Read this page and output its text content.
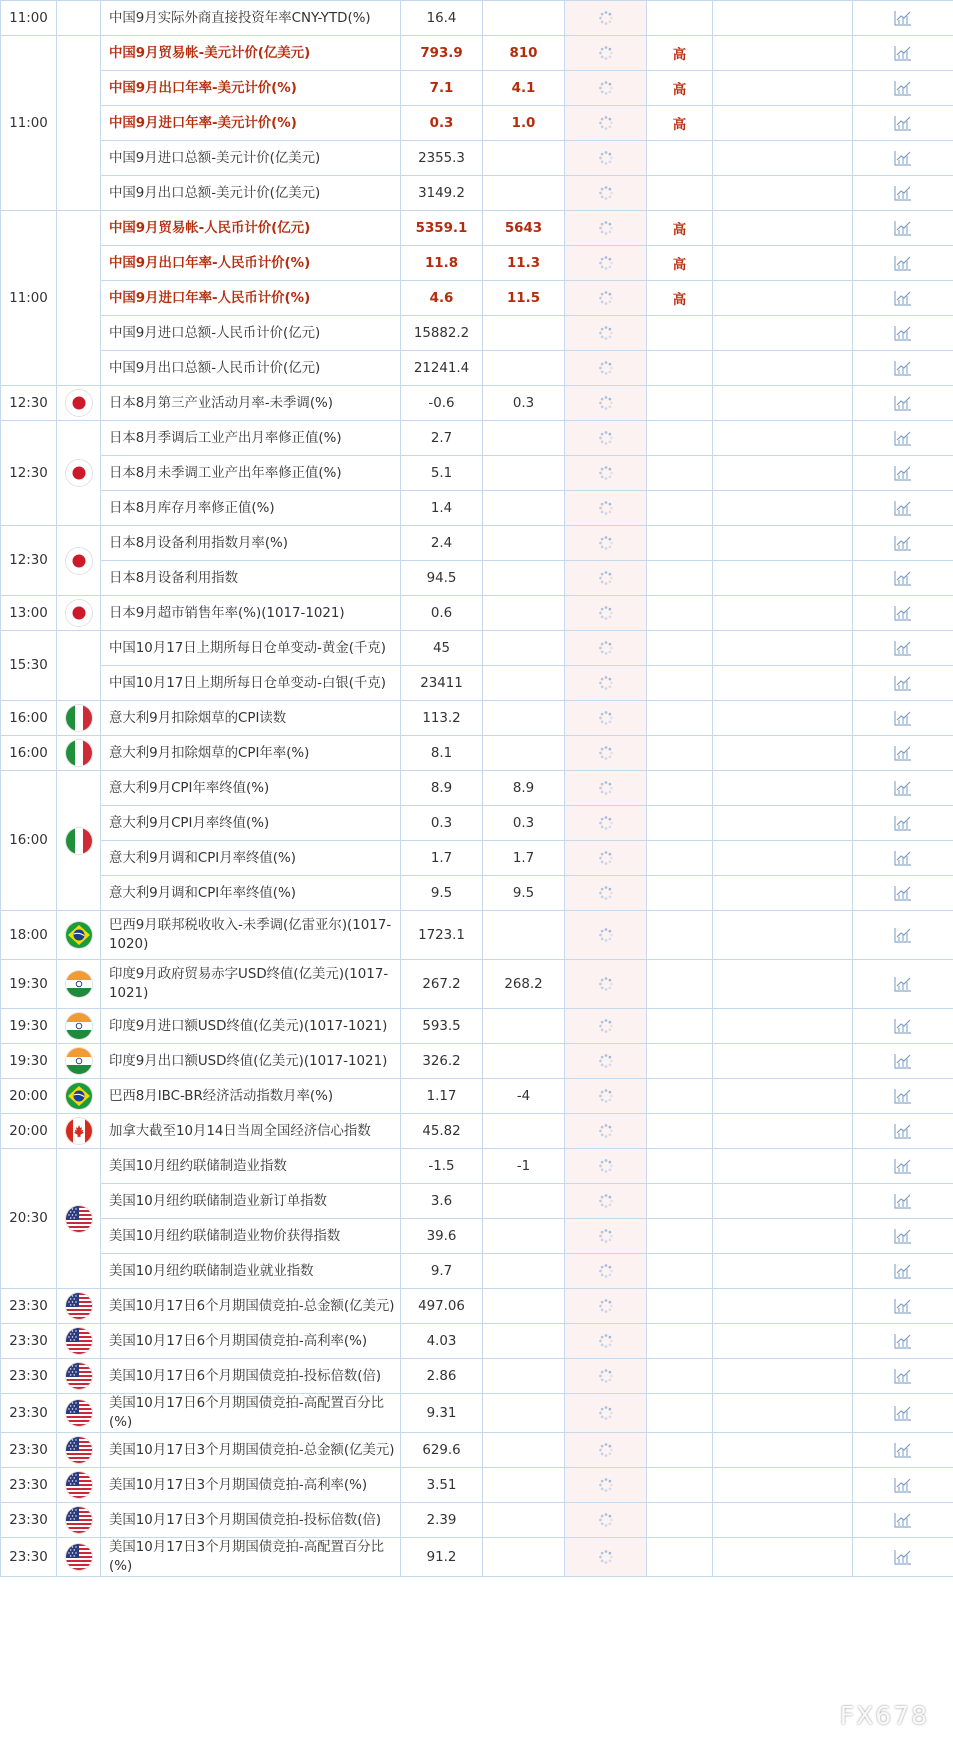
11:00		中国9月实际外商直接投资年率CNY-YTD(%)	16.4		

11:00		中国9月贸易帐-美元计价(亿美元)	793.9	810		高		

		中国9月出口年率-美元计价(%)	7.1	4.1		高		

		中国9月进口年率-美元计价(%)	0.3	1.0		高		

		中国9月进口总额-美元计价(亿美元)	2355.3		

		中国9月出口总额-美元计价(亿美元)	3149.2		

11:00		中国9月贸易帐-人民币计价(亿元)	5359.1	5643		高		

		中国9月出口年率-人民币计价(%)	11.8	11.3		高		

		中国9月进口年率-人民币计价(%)	4.6	11.5		高		

		中国9月进口总额-人民币计价(亿元)	15882.2		

		中国9月出口总额-人民币计价(亿元)	21241.4		

12:30		日本8月第三产业活动月率-未季调(%)	-0.6	0.3	

12:30		日本8月季调后工业产出月率修正值(%)	2.7		

		日本8月未季调工业产出年率修正值(%)	5.1		

		日本8月库存月率修正值(%)	1.4		

12:30		日本8月设备利用指数月率(%)	2.4		

		日本8月设备利用指数	94.5		

13:00		日本9月超市销售年率(%)(1017-1021)	0.6		

15:30		中国10月17日上期所每日仓单变动-黄金(千克)	45		

		中国10月17日上期所每日仓单变动-白银(千克)	23411		

16:00		意大利9月扣除烟草的CPI读数	113.2		

16:00		意大利9月扣除烟草的CPI年率(%)	8.1		

16:00		意大利9月CPI年率终值(%)	8.9	8.9	

		意大利9月CPI月率终值(%)	0.3	0.3	

		意大利9月调和CPI月率终值(%)	1.7	1.7	

		意大利9月调和CPI年率终值(%)	9.5	9.5	

18:00		巴西9月联邦税收收入-未季调(亿雷亚尔)(1017-1020)	1723.1		

19:30		印度9月政府贸易赤字USD终值(亿美元)(1017-1021)	267.2	268.2	

19:30		印度9月进口额USD终值(亿美元)(1017-1021)	593.5		

19:30		印度9月出口额USD终值(亿美元)(1017-1021)	326.2		

20:00		巴西8月IBC-BR经济活动指数月率(%)	1.17	-4	

20:00		加拿大截至10月14日当周全国经济信心指数	45.82		

20:30		美国10月纽约联储制造业指数	-1.5	-1	

		美国10月纽约联储制造业新订单指数	3.6		

		美国10月纽约联储制造业物价获得指数	39.6		

		美国10月纽约联储制造业就业指数	9.7		

23:30		美国10月17日6个月期国债竞拍-总金额(亿美元)	497.06		

23:30		美国10月17日6个月期国债竞拍-高利率(%)	4.03		

23:30		美国10月17日6个月期国债竞拍-投标倍数(倍)	2.86		

23:30		美国10月17日6个月期国债竞拍-高配置百分比(%)	9.31		

23:30		美国10月17日3个月期国债竞拍-总金额(亿美元)	629.6		

23:30		美国10月17日3个月期国债竞拍-高利率(%)	3.51		

23:30		美国10月17日3个月期国债竞拍-投标倍数(倍)	2.39		

23:30		美国10月17日3个月期国债竞拍-高配置百分比(%)	91.2		

FX678
